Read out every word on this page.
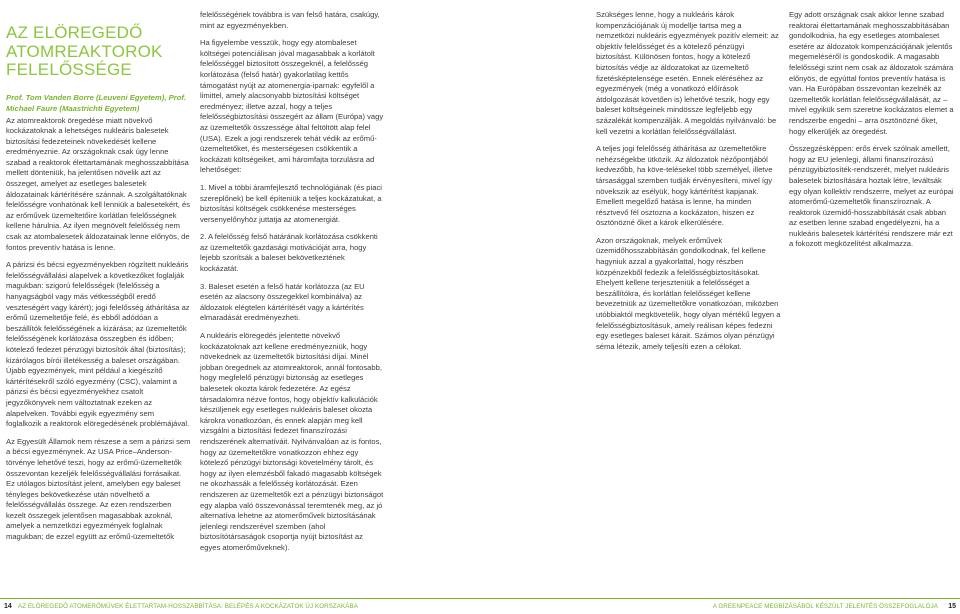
AZ ELÖREGEDŐ ATOMREAKTOROK FELELŐSSÉGE

Prof. Tom Vanden Borre (Leuveni Egyetem), Prof. Michael Faure (Maastrichti Egyetem)

Az atomreaktorok öregedése miatt növekvő kockázatoknak a lehetséges nukleáris balesetek biztosítási fedezeteinek növekedését kellene eredményeznie. Az országoknak csak úgy lenne szabad a reaktorok élettartamának meghosszabbítása mellett dönteniük, ha jelentősen növelik azt az összeget, amelyet az esetleges balesetek áldozatainak kártérítésére szánnak. A szolgáltatóknak felelősségre vonhatónak kell lenniük a balesetekért, és az erőművek üzemeltetőire korlátlan felelősségnek kellene hárulnia. Az ilyen megnövelt felelősség nem csak az atombalesetek áldozatainak lenne előnyös, de fontos preventív hatása is lenne.

A párizsi és bécsi egyezményekben rögzített nukleáris felelősségvállalási alapelvek a következőket foglalják magukban: szigorú felelősségek (felelősség a hanyagságból vagy más vétkességből eredő veszteségért vagy kárért); jogi felelősség áthárítása az erőmű üzemeltetője felé, és ebből adódóan a beszállítók felelősségének a kizárása; az üzemeltetők felelősségének korlátozása összegben és időben; kötelező fedezet pénzügyi biztosítók által (biztosítás); kizárólagos bírói illetékesség a baleset országában. Újabb egyezmények, mint például a kiegészítő kártérítésekről szóló egyezmény (CSC), valamint a párizsi és bécsi egyezményekhez csatolt jegyzőkönyvek nem változtatnak ezeken az alapelveken. További egyik egyezmény sem foglalkozik a reaktorok elöregedésének problémájával.

Az Egyesült Államok nem részese a sem a párizsi sem a bécsi egyezménynek. Az USA Price–Anderson-törvénye lehetővé teszi, hogy az erőmű-üzemeltetők összevontan kezeljék felelősségvállalási forrásaikat. Ez utólagos biztosítást jelent, amelyben egy baleset tényleges bekövetkezése után növelhető a felelősségvállalás összege. Az ezen rendszerben kezelt összegek jelentősen magasabbak azoknál, amelyek a nemzetközi egyezmények foglalnak magukban; de ezzel együtt az erőmű-üzemeltetők

felelősségének továbbra is van felső határa, csakúgy, mint az egyezményekben.

Ha figyelembe vesszük, hogy egy atombaleset költségei potenciálisan jóval magasabbak a korlátolt felelősséggel biztosított összegeknél, a felelősség korlátozása (felső határ) gyakorlatilag kettős támogatást nyújt az atomenergia-iparnak: egyfelől a limittel, amely alacsonyabb biztosítási költséget eredményez; illetve azzal, hogy a teljes felelősségbiztosítási összegért az állam (Európa) vagy az üzemeltetők összessége által feltöltött alap felel (USA). Ezek a jogi rendszerek tehát védik az erőmű-üzemeltetőket, és mesterségesen csökkentik a kockázati költségeiket, ami háromfajta torzulásra ad lehetőséget:

1. Mivel a többi áramfejlesztő technológiának (és piaci szereplőnek) be kell építeniük a teljes kockázatukat, a biztosítási költségek csökkenése mesterséges versenyelőnyhöz juttatja az atomenergiát.

2. A felelősség felső határának korlátozása csökkenti az üzemeltetők gazdasági motivációját arra, hogy lejebb szorítsák a baleset bekövetkeztének kockázatát.

3. Baleset esetén a felső határ korlátozza (az EU esetén az alacsony összegekkel kombinálva) az áldozatok elégtelen kártérítését vagy a kártérítés elmaradását eredményezheti.

A nukleáris elöregedés jelentette növekvő kockázatoknak azt kellene eredményezniük, hogy növekednek az üzemeltetők biztosítási díjai. Minél jobban öregednek az atomreaktorok, annál fontosabb, hogy megfelelő pénzügyi biztonság az esetleges balesetek okozta károk fedezetére. Az egész társadalomra nézve fontos, hogy objektív kalkulációk készüljenek egy esetleges nukleáris baleset okozta károkra vonatkozóan, és ennek alapján meg kell vizsgálni a biztosítási fedezet finanszírozási rendszerének alternatíváit. Nyilvánvalóan az is fontos, hogy az üzemeltetőkre vonatkozzon ehhez egy kötelező pénzügyi biztonsági követelmény tárolt, és hogy az ilyen elemzésből fakadó magasabb költségek ne okozhassák a felelősség korlátozását. Ezen rendszeren az üzemeltetők ezt a pénzügyi biztonságot egy alapba való összevonással teremtenék meg, az jó alternatíva lehetne az atomerőművek biztosításának jelenlegi rendszerével szemben (ahol biztosítótársaságok csoportja nyújt biztosítást az egyes atomerőműveknek).

Szükséges lenne, hogy a nukleáris károk kompenzációjának új modellje tartsa meg a nemzetközi nukleáris egyezmények pozitív elemeit: az objektív felelősséget és a kötelező pénzügyi biztosítást. Különösen fontos, hogy a kötelező biztosítás védje az áldozatokat az üzemeltető fizetésképtelensége esetén. Ennek eléréséhez az egyezmények (még a vonatkozó előírások átdolgozását követően is) lehetővé teszik, hogy egy baleset költségeinek mindössze legfeljebb egy százalékát kompenzálják. A megoldás nyilvánvaló: be kell vezetni a korlátlan felelősségvállalást.

A teljes jogi felelősség áthárítása az üzemeltetőkre nehézségekbe ütközik. Az áldozatok nézőpontjából kedvezőbb, ha köve-telésekel több személyel, illetve társasággal szemben tudják érvényesíteni, mivel így növekszik az esélyük, hogy kártérítést kapjanak. Emellett megelőző hatása is lenne, ha minden résztvevő fél osztozna a kockázaton, hiszen ez ösztönözné őket a károk elkerülésére.

Azon országoknak, melyek erőművek üzemidőhosszabbításán gondolkodnak, fel kellene hagyniuk azzal a gyakorlattal, hogy részben közpénzekből fedezik a felelősségbiztosításokat. Ehelyett kellene terjeszteniük a felelősséget a beszállítókra, és korlátlan felelősséget kellene bevezetniük az üzemeltetőkre vonatkozóan, miközben utóbbiaktól megkövetelik, hogy olyan mértékű legyen a felelősségbiztosításuk, amely reálisan képes fedezni egy esetleges baleset kárait. Számos olyan pénzügyi séma létezik, amely teljesíti ezen a célokat.

Egy adott országnak csak akkor lenne szabad reaktorai élettartamának meghosszabbításában gondolkodnia, ha egy esetleges atombaleset esetére az áldozatok kompenzációjának jelentős megemeléséről is gondoskodik. A magasabb felelősségi szint nem csak az áldozatok számára előnyös, de egyúttal fontos preventív hatása is van. Ha Európában összevontan kezelnék az üzemeltetők korlátlan felelősségvállalását, az – mivel egyikük sem szeretne kockázatos elemet a rendszerbe engedni – arra ösztönözné őket, hogy elkerüljék az öregedést.

Összegzésképpen: erős érvek szólnak amellett, hogy az EU jelenlegi, állami finanszírozású pénzügyibiztosíték-rendszerét, melyet nukleáris balesetek biztosítására hoztak létre, leváltsák egy olyan kollektív rendszerre, melyet az európai atomerőmű-üzemeltetők finanszíroznak. A reaktorok üzemidő-hosszabbítását csak abban az esetben lenne szabad engedélyezni, ha a nukleáris balesetek kártérítési rendszere már ezt a fokozott megközelítést alkalmazza.

14 AZ ELÖREGEDŐ ATOMERŐMŰVEK ÉLETTARTAM-HOSSZABBÍTÁSA: BELÉPÉS A KOCKÁZATOK ÚJ KORSZAKÁBA	A GREENPEACE MEGBÍZÁSÁBÓL KÉSZÜLT JELENTÉS ÖSSZEFOGLALÓJA 15
